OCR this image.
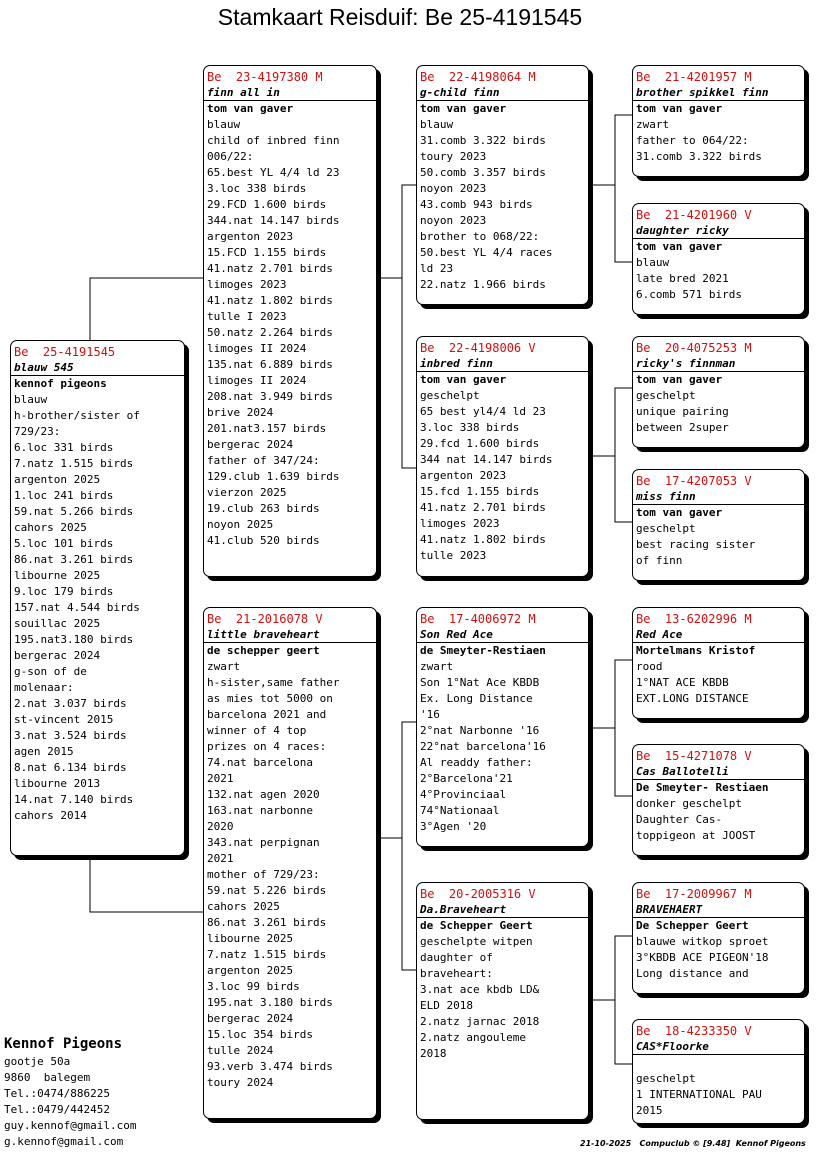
Stamkaart Reisduif: Be 25-4191545
Be  25-4191545
blauw 545
kennof pigeons
blauw
h-brother/sister of
729/23:
6.loc 331 birds
7.natz 1.515 birds
argenton 2025
1.loc 241 birds
59.nat 5.266 birds
cahors 2025
5.loc 101 birds
86.nat 3.261 birds
libourne 2025
9.loc 179 birds
157.nat 4.544 birds
souillac 2025
195.nat3.180 birds
bergerac 2024
g-son of de
molenaar:
2.nat 3.037 birds
st-vincent 2015
3.nat 3.524 birds
agen 2015
8.nat 6.134 birds
libourne 2013
14.nat 7.140 birds
cahors 2014
Be  23-4197380 M
finn all in
tom van gaver
blauw
child of inbred finn
006/22:
65.best YL 4/4 ld 23
3.loc 338 birds
29.FCD 1.600 birds
344.nat 14.147 birds
argenton 2023
15.FCD 1.155 birds
41.natz 2.701 birds
limoges 2023
41.natz 1.802 birds
tulle I 2023
50.natz 2.264 birds
limoges II 2024
135.nat 6.889 birds
limoges II 2024
208.nat 3.949 birds
brive 2024
201.nat3.157 birds
bergerac 2024
father of 347/24:
129.club 1.639 birds
vierzon 2025
19.club 263 birds
noyon 2025
41.club 520 birds
Be  21-2016078 V
little braveheart
de schepper geert
zwart
h-sister,same father
as mies tot 5000 on
barcelona 2021 and
winner of 4 top
prizes on 4 races:
74.nat barcelona
2021
132.nat agen 2020
163.nat narbonne
2020
343.nat perpignan
2021
mother of 729/23:
59.nat 5.226 birds
cahors 2025
86.nat 3.261 birds
libourne 2025
7.natz 1.515 birds
argenton 2025
3.loc 99 birds
195.nat 3.180 birds
bergerac 2024
15.loc 354 birds
tulle 2024
93.verb 3.474 birds
toury 2024
Be  22-4198064 M
g-child finn
tom van gaver
blauw
31.comb 3.322 birds
toury 2023
50.comb 3.357 birds
noyon 2023
43.comb 943 birds
noyon 2023
brother to 068/22:
50.best YL 4/4 races
ld 23
22.natz 1.966 birds
Be  22-4198006 V
inbred finn
tom van gaver
geschelpt
65 best yl4/4 ld 23
3.loc 338 birds
29.fcd 1.600 birds
344 nat 14.147 birds
argenton 2023
15.fcd 1.155 birds
41.natz 2.701 birds
limoges 2023
41.natz 1.802 birds
tulle 2023
Be  17-4006972 M
Son Red Ace
de Smeyter-Restiaen
zwart
Son 1°Nat Ace KBDB
Ex. Long Distance
'16
2°nat Narbonne '16
22°nat barcelona'16
Al readdy father:
2°Barcelona'21
4°Provinciaal
74°Nationaal
3°Agen '20
Be  20-2005316 V
Da.Braveheart
de Schepper Geert
geschelpte witpen
daughter of
braveheart:
3.nat ace kbdb LD&
ELD 2018
2.natz jarnac 2018
2.natz angouleme
2018
Be  21-4201957 M
brother spikkel finn
tom van gaver
zwart
father to 064/22:
31.comb 3.322 birds
Be  21-4201960 V
daughter ricky
tom van gaver
blauw
late bred 2021
6.comb 571 birds
Be  20-4075253 M
ricky's finnman
tom van gaver
geschelpt
unique pairing
between 2super
Be  17-4207053 V
miss finn
tom van gaver
geschelpt
best racing sister
of finn
Be  13-6202996 M
Red Ace
Mortelmans Kristof
rood
1°NAT ACE KBDB
EXT.LONG DISTANCE
Be  15-4271078 V
Cas Ballotelli
De Smeyter- Restiaen
donker geschelpt
Daughter Cas-
toppigeon at JOOST
Be  17-2009967 M
BRAVEHAERT
De Schepper Geert
blauwe witkop sproet
3°KBDB ACE PIGEON'18
Long distance and
Be  18-4233350 V
CAS*Floorke
geschelpt
1 INTERNATIONAL PAU
2015
Kennof Pigeons
gootje 50a
9860  balegem
Tel.:0474/886225
Tel.:0479/442452
guy.kennof@gmail.com
g.kennof@gmail.com	21-10-2025 Compuclub © [9.48] Kennof Pigeons
